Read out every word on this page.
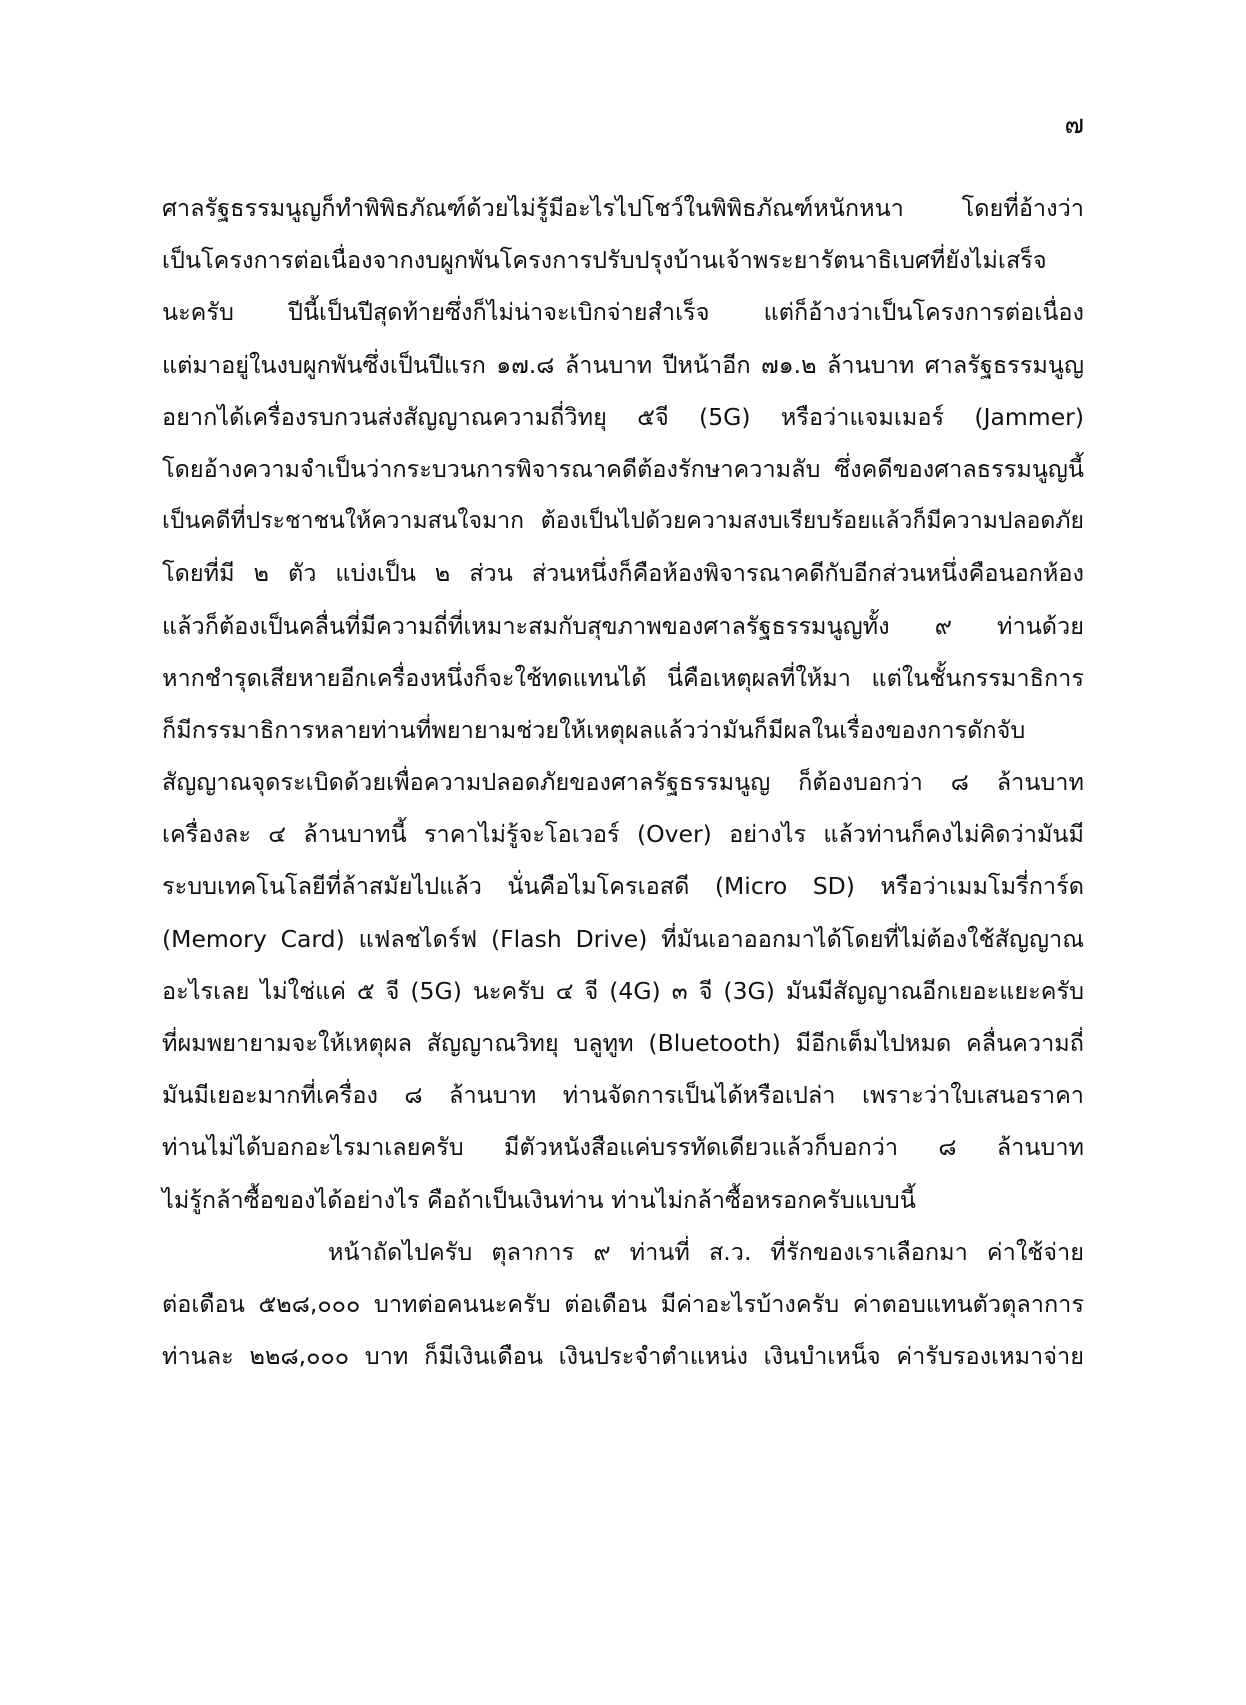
๗
ศาลรัฐธรรมนูญก็ทำพิพิธภัณฑ์ด้วยไม่รู้มีอะไรไปโชว์ในพิพิธภัณฑ์หนักหนา โดยที่อ้างว่า
เป็นโครงการต่อเนื่องจากงบผูกพันโครงการปรับปรุงบ้านเจ้าพระยารัตนาธิเบศที่ยังไม่เสร็จ
นะครับ ปีนี้เป็นปีสุดท้ายซึ่งก็ไม่น่าจะเบิกจ่ายสำเร็จ แต่ก็อ้างว่าเป็นโครงการต่อเนื่อง
แต่มาอยู่ในงบผูกพันซึ่งเป็นปีแรก ๑๗.๘ ล้านบาท ปีหน้าอีก ๗๑.๒ ล้านบาท ศาลรัฐธรรมนูญ
อยากได้เครื่องรบกวนส่งสัญญาณความถี่วิทยุ ๕จี (5G) หรือว่าแจมเมอร์ (Jammer)
โดยอ้างความจำเป็นว่ากระบวนการพิจารณาคดีต้องรักษาความลับ ซึ่งคดีของศาลธรรมนูญนี้
เป็นคดีที่ประชาชนให้ความสนใจมาก ต้องเป็นไปด้วยความสงบเรียบร้อยแล้วก็มีความปลอดภัย
โดยที่มี ๒ ตัว แบ่งเป็น ๒ ส่วน ส่วนหนึ่งก็คือห้องพิจารณาคดีกับอีกส่วนหนึ่งคือนอกห้อง
แล้วก็ต้องเป็นคลื่นที่มีความถี่ที่เหมาะสมกับสุขภาพของศาลรัฐธรรมนูญทั้ง ๙ ท่านด้วย
หากชำรุดเสียหายอีกเครื่องหนึ่งก็จะใช้ทดแทนได้ นี่คือเหตุผลที่ให้มา แต่ในชั้นกรรมาธิการ
ก็มีกรรมาธิการหลายท่านที่พยายามช่วยให้เหตุผลแล้วว่ามันก็มีผลในเรื่องของการดักจับ
สัญญาณจุดระเบิดด้วยเพื่อความปลอดภัยของศาลรัฐธรรมนูญ ก็ต้องบอกว่า ๘ ล้านบาท
เครื่องละ ๔ ล้านบาทนี้ ราคาไม่รู้จะโอเวอร์ (Over) อย่างไร แล้วท่านก็คงไม่คิดว่ามันมี
ระบบเทคโนโลยีที่ล้าสมัยไปแล้ว นั่นคือไมโครเอสดี (Micro SD) หรือว่าเมมโมรี่การ์ด
(Memory Card) แฟลชไดร์ฟ (Flash Drive) ที่มันเอาออกมาได้โดยที่ไม่ต้องใช้สัญญาณ
อะไรเลย ไม่ใช่แค่ ๕ จี (5G) นะครับ ๔ จี (4G) ๓ จี (3G) มันมีสัญญาณอีกเยอะแยะครับ
ที่ผมพยายามจะให้เหตุผล สัญญาณวิทยุ บลูทูท (Bluetooth) มีอีกเต็มไปหมด คลื่นความถี่
มันมีเยอะมากที่เครื่อง ๘ ล้านบาท ท่านจัดการเป็นได้หรือเปล่า เพราะว่าใบเสนอราคา
ท่านไม่ได้บอกอะไรมาเลยครับ มีตัวหนังสือแค่บรรทัดเดียวแล้วก็บอกว่า ๘ ล้านบาท
ไม่รู้กล้าซื้อของได้อย่างไร คือถ้าเป็นเงินท่าน ท่านไม่กล้าซื้อหรอกครับแบบนี้
หน้าถัดไปครับ ตุลาการ ๙ ท่านที่ ส.ว. ที่รักของเราเลือกมา ค่าใช้จ่าย
ต่อเดือน ๕๒๘,๐๐๐ บาทต่อคนนะครับ ต่อเดือน มีค่าอะไรบ้างครับ ค่าตอบแทนตัวตุลาการ
ท่านละ ๒๒๘,๐๐๐ บาท ก็มีเงินเดือน เงินประจำตำแหน่ง เงินบำเหน็จ ค่ารับรองเหมาจ่าย
